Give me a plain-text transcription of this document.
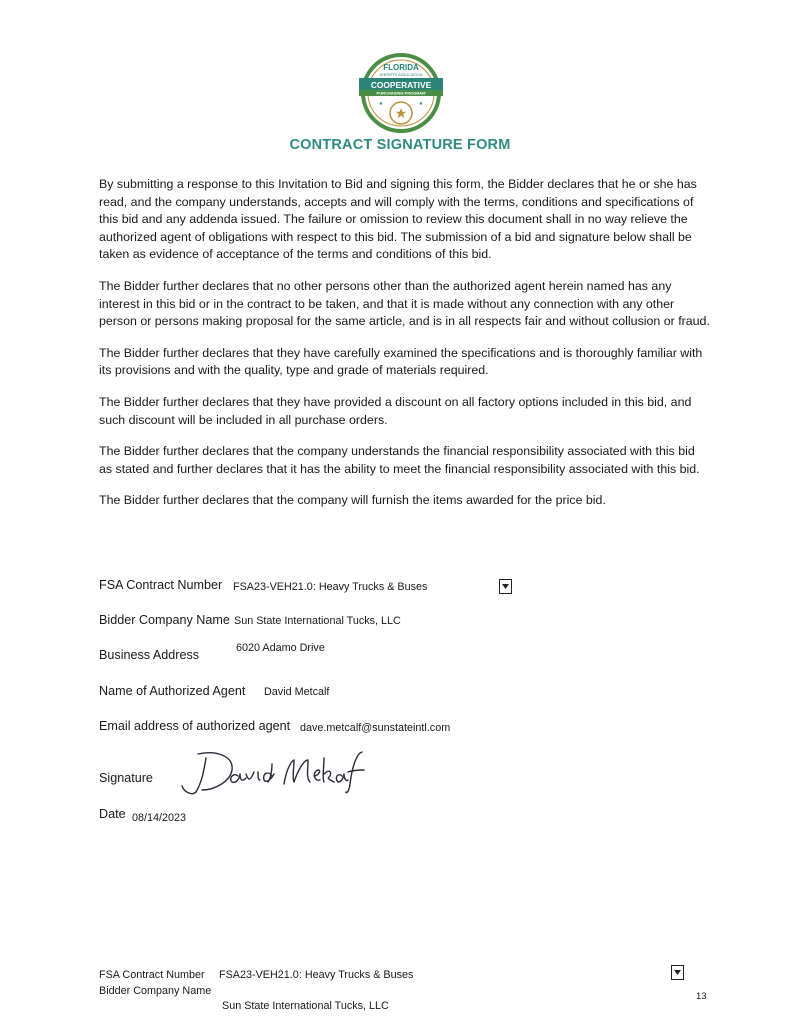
FLORIDA
SHERIFFS ASSOCIATION
COOPERATIVE
PURCHASING PROGRAM
★	★
★
CONTRACT SIGNATURE FORM

By submitting a response to this Invitation to Bid and signing this form, the Bidder declares that he or she has read, and the company understands, accepts and will comply with the terms, conditions and specifications of this bid and any addenda issued. The failure or omission to review this document shall in no way relieve the authorized agent of obligations with respect to this bid. The submission of a bid and signature below shall be taken as evidence of acceptance of the terms and conditions of this bid.

The Bidder further declares that no other persons other than the authorized agent herein named has any interest in this bid or in the contract to be taken, and that it is made without any connection with any other person or persons making proposal for the same article, and is in all respects fair and without collusion or fraud.

The Bidder further declares that they have carefully examined the specifications and is thoroughly familiar with its provisions and with the quality, type and grade of materials required.

The Bidder further declares that they have provided a discount on all factory options included in this bid, and such discount will be included in all purchase orders.

The Bidder further declares that the company understands the financial responsibility associated with this bid as stated and further declares that it has the ability to meet the financial responsibility associated with this bid.

The Bidder further declares that the company will furnish the items awarded for the price bid.

FSA Contract Number FSA23-VEH21.0: Heavy Trucks & Buses
Bidder Company Name Sun State International Tucks, LLC
Business Address	6020 Adamo Drive
Name of Authorized Agent David Metcalf
Email address of authorized agent dave.metcalf@sunstateintl.com
Signature
Date 08/14/2023
FSA Contract Number FSA23-VEH21.0: Heavy Trucks & Buses
Bidder Company Name
Sun State International Tucks, LLC
13
